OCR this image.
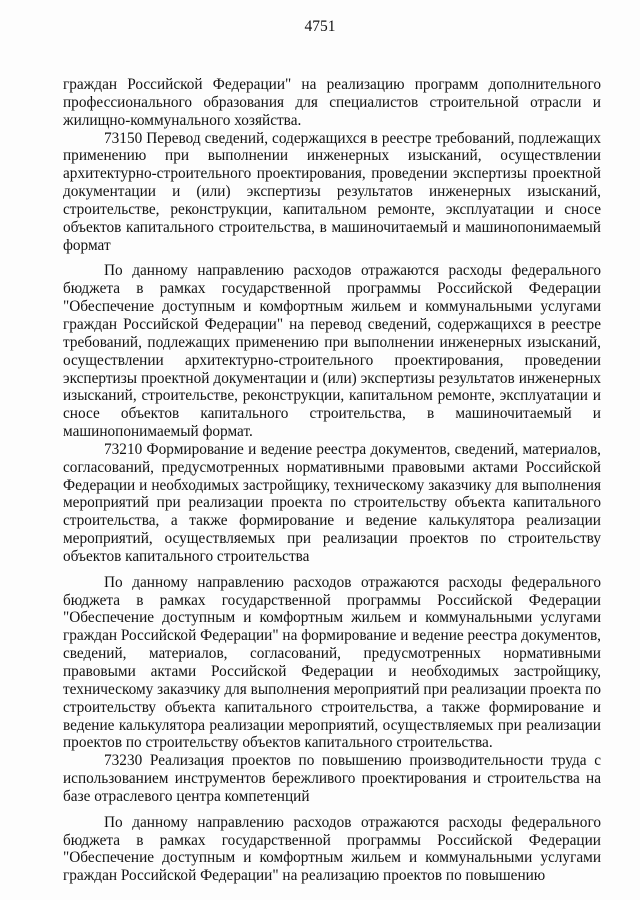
4751

граждан Российской Федерации" на реализацию программ дополнительного профессионального образования для специалистов строительной отрасли и жилищно-коммунального хозяйства.

73150 Перевод сведений, содержащихся в реестре требований, подлежащих применению при выполнении инженерных изысканий, осуществлении архитектурно-строительного проектирования, проведении экспертизы проектной документации и (или) экспертизы результатов инженерных изысканий, строительстве, реконструкции, капитальном ремонте, эксплуатации и сносе объектов капитального строительства, в машиночитаемый и машинопонимаемый формат

По данному направлению расходов отражаются расходы федерального бюджета в рамках государственной программы Российской Федерации "Обеспечение доступным и комфортным жильем и коммунальными услугами граждан Российской Федерации" на перевод сведений, содержащихся в реестре требований, подлежащих применению при выполнении инженерных изысканий, осуществлении архитектурно-строительного проектирования, проведении экспертизы проектной документации и (или) экспертизы результатов инженерных изысканий, строительстве, реконструкции, капитальном ремонте, эксплуатации и сносе объектов капитального строительства, в машиночитаемый и машинопонимаемый формат.

73210 Формирование и ведение реестра документов, сведений, материалов, согласований, предусмотренных нормативными правовыми актами Российской Федерации и необходимых застройщику, техническому заказчику для выполнения мероприятий при реализации проекта по строительству объекта капитального строительства, а также формирование и ведение калькулятора реализации мероприятий, осуществляемых при реализации проектов по строительству объектов капитального строительства

По данному направлению расходов отражаются расходы федерального бюджета в рамках государственной программы Российской Федерации "Обеспечение доступным и комфортным жильем и коммунальными услугами граждан Российской Федерации" на формирование и ведение реестра документов, сведений, материалов, согласований, предусмотренных нормативными правовыми актами Российской Федерации и необходимых застройщику, техническому заказчику для выполнения мероприятий при реализации проекта по строительству объекта капитального строительства, а также формирование и ведение калькулятора реализации мероприятий, осуществляемых при реализации проектов по строительству объектов капитального строительства.

73230 Реализация проектов по повышению производительности труда с использованием инструментов бережливого проектирования и строительства на базе отраслевого центра компетенций

По данному направлению расходов отражаются расходы федерального бюджета в рамках государственной программы Российской Федерации "Обеспечение доступным и комфортным жильем и коммунальными услугами граждан Российской Федерации" на реализацию проектов по повышению
